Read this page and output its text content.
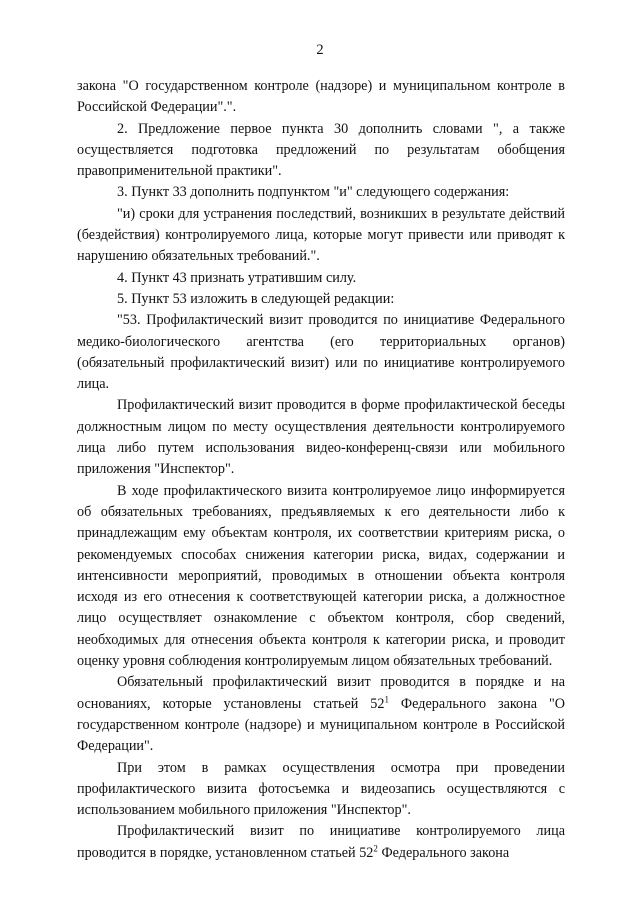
2

закона "О государственном контроле (надзоре) и муниципальном контроле в Российской Федерации".".

2. Предложение первое пункта 30 дополнить словами ", а также осуществляется подготовка предложений по результатам обобщения правоприменительной практики".

3. Пункт 33 дополнить подпунктом "и" следующего содержания:

"и) сроки для устранения последствий, возникших в результате действий (бездействия) контролируемого лица, которые могут привести или приводят к нарушению обязательных требований.".

4. Пункт 43 признать утратившим силу.

5. Пункт 53 изложить в следующей редакции:

"53. Профилактический визит проводится по инициативе Федерального медико-биологического агентства (его территориальных органов) (обязательный профилактический визит) или по инициативе контролируемого лица.

Профилактический визит проводится в форме профилактической беседы должностным лицом по месту осуществления деятельности контролируемого лица либо путем использования видео-конференц-связи или мобильного приложения "Инспектор".

В ходе профилактического визита контролируемое лицо информируется об обязательных требованиях, предъявляемых к его деятельности либо к принадлежащим ему объектам контроля, их соответствии критериям риска, о рекомендуемых способах снижения категории риска, видах, содержании и интенсивности мероприятий, проводимых в отношении объекта контроля исходя из его отнесения к соответствующей категории риска, а должностное лицо осуществляет ознакомление с объектом контроля, сбор сведений, необходимых для отнесения объекта контроля к категории риска, и проводит оценку уровня соблюдения контролируемым лицом обязательных требований.

Обязательный профилактический визит проводится в порядке и на основаниях, которые установлены статьей $52^1$ Федерального закона "О государственном контроле (надзоре) и муниципальном контроле в Российской Федерации".

При этом в рамках осуществления осмотра при проведении профилактического визита фотосъемка и видеозапись осуществляются с использованием мобильного приложения "Инспектор".

Профилактический визит по инициативе контролируемого лица проводится в порядке, установленном статьей $52^2$ Федерального закона
